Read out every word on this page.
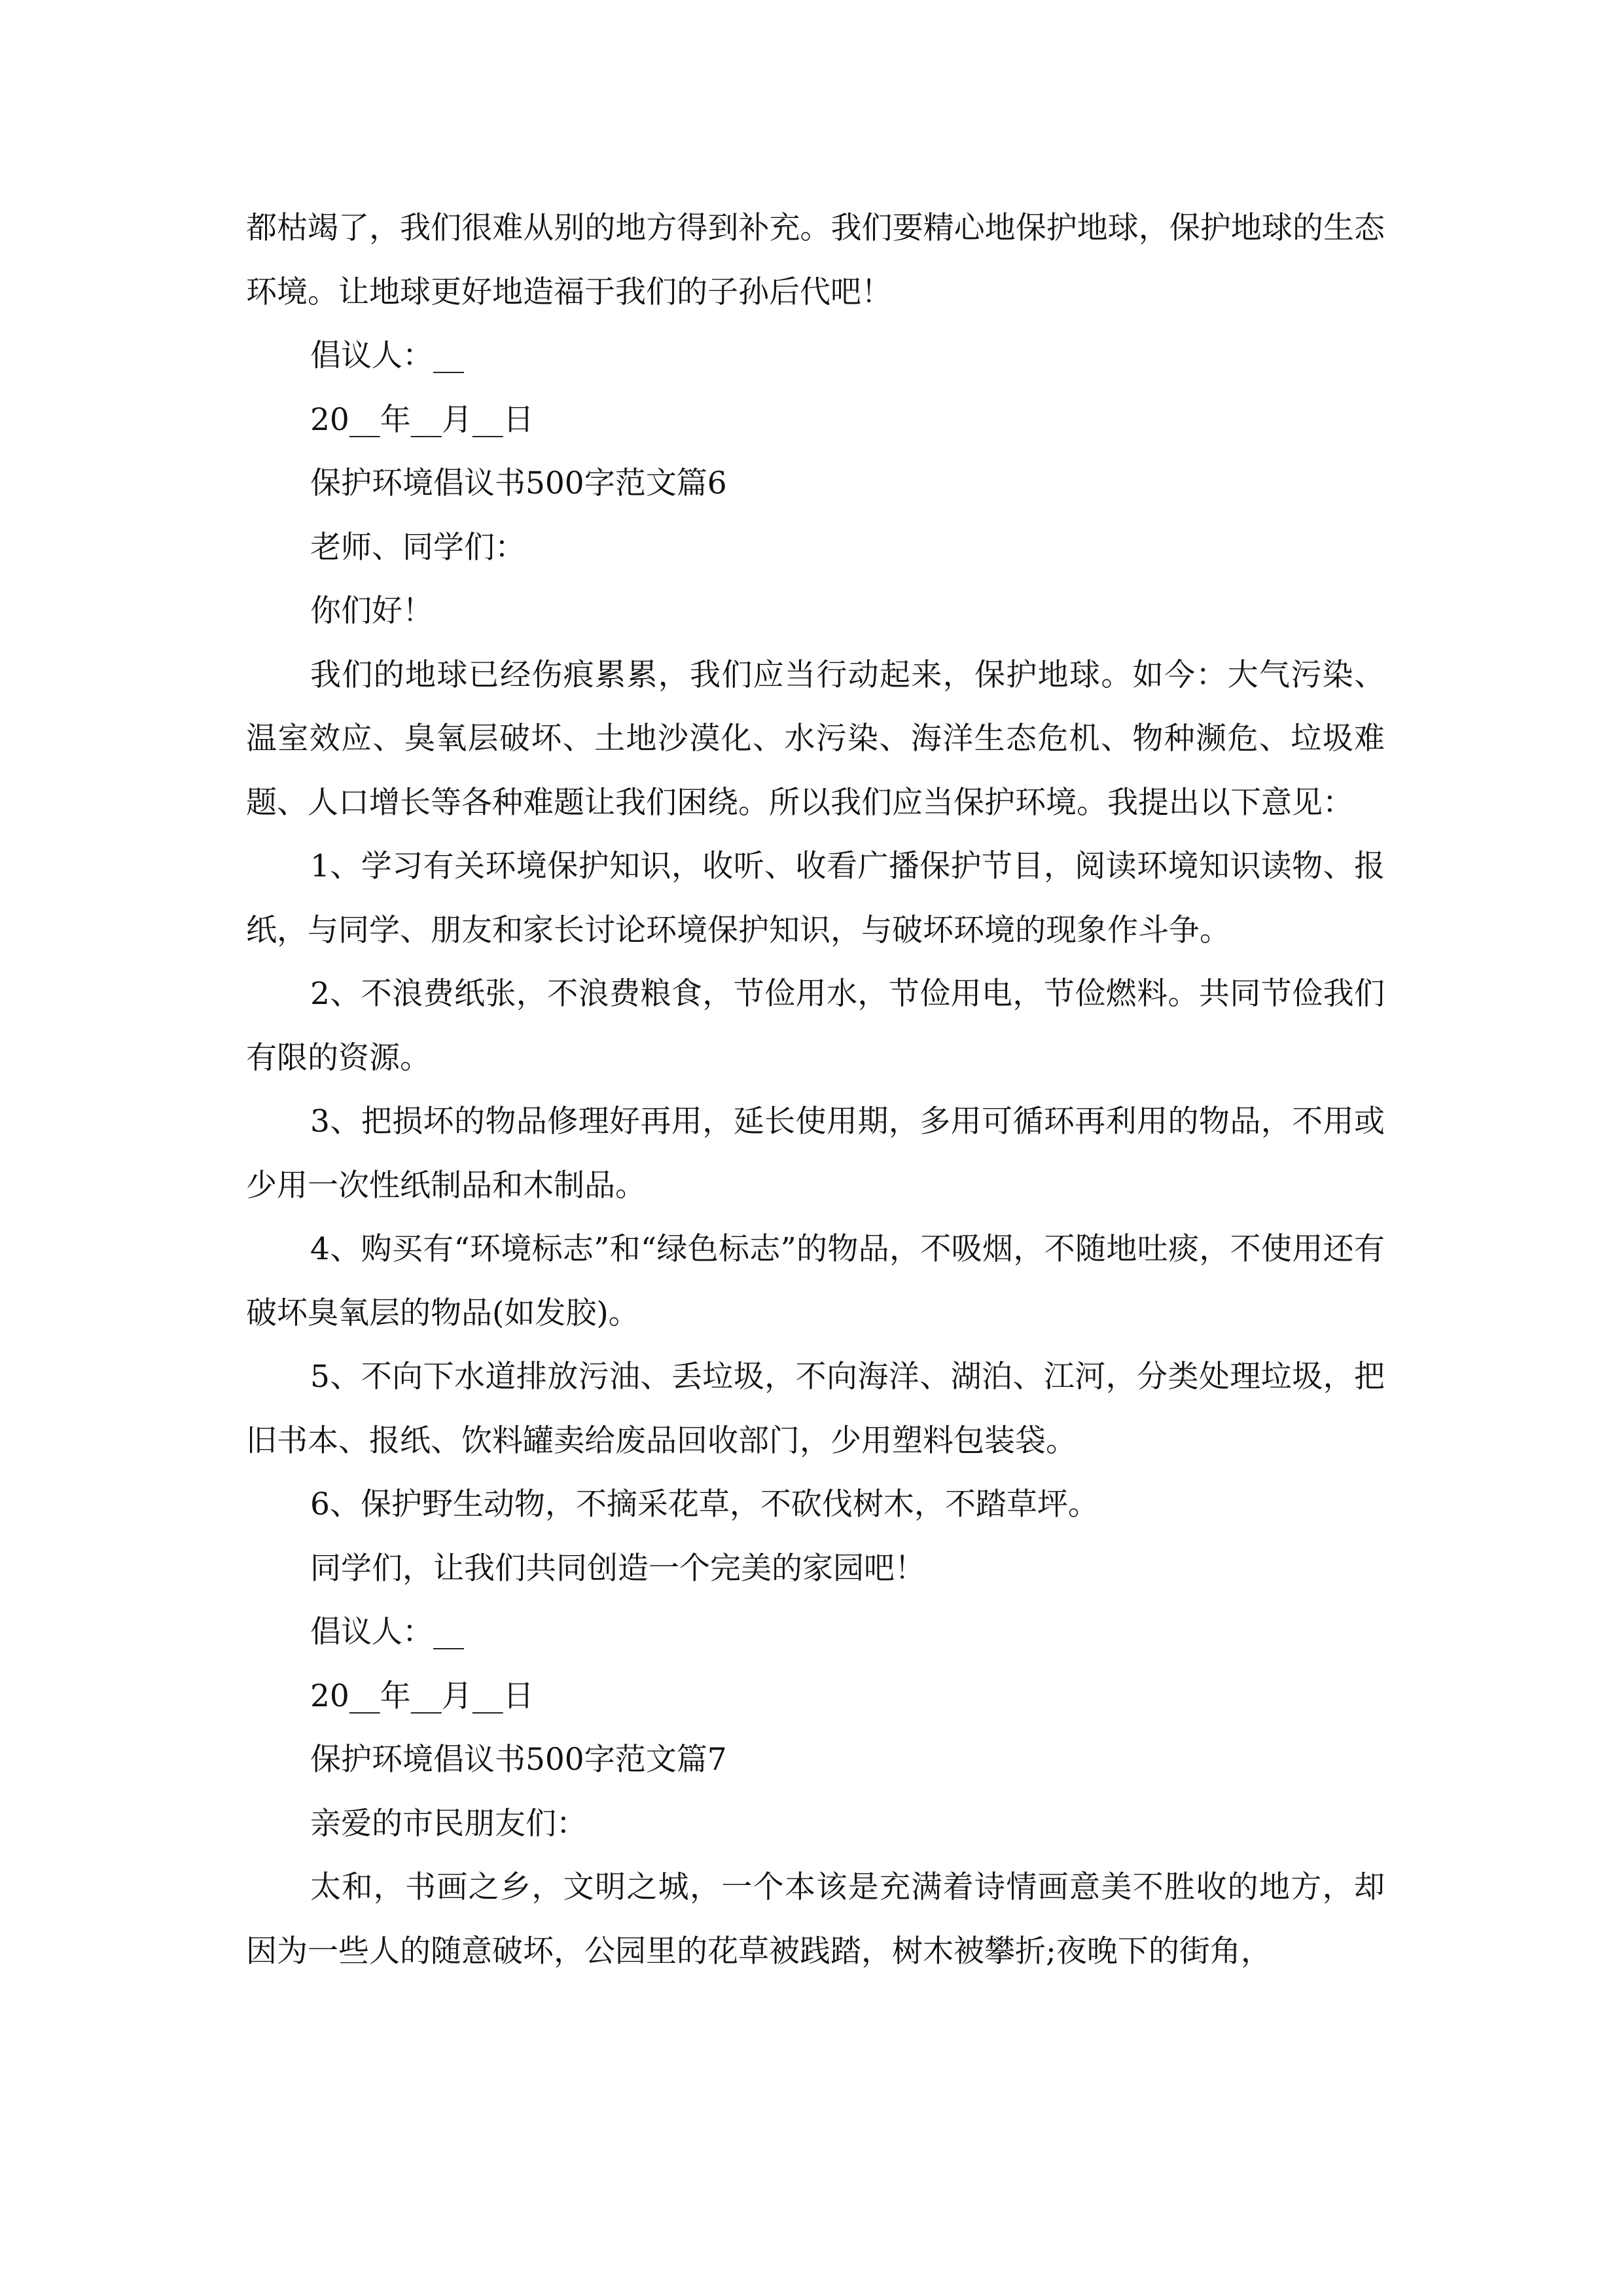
都枯竭了，我们很难从别的地方得到补充。我们要精心地保护地球，保护地球的生态环境。让地球更好地造福于我们的子孙后代吧！

倡议人：__

20__年__月__日

保护环境倡议书500字范文篇6

老师、同学们：

你们好！

我们的地球已经伤痕累累，我们应当行动起来，保护地球。如今：大气污染、温室效应、臭氧层破坏、土地沙漠化、水污染、海洋生态危机、物种濒危、垃圾难题、人口增长等各种难题让我们困绕。所以我们应当保护环境。我提出以下意见：

1、学习有关环境保护知识，收听、收看广播保护节目，阅读环境知识读物、报纸，与同学、朋友和家长讨论环境保护知识，与破坏环境的现象作斗争。

2、不浪费纸张，不浪费粮食，节俭用水，节俭用电，节俭燃料。共同节俭我们有限的资源。

3、把损坏的物品修理好再用，延长使用期，多用可循环再利用的物品，不用或少用一次性纸制品和木制品。

4、购买有“环境标志”和“绿色标志”的物品，不吸烟，不随地吐痰，不使用还有破坏臭氧层的物品(如发胶)。

5、不向下水道排放污油、丢垃圾，不向海洋、湖泊、江河，分类处理垃圾，把旧书本、报纸、饮料罐卖给废品回收部门，少用塑料包装袋。

6、保护野生动物，不摘采花草，不砍伐树木，不踏草坪。

同学们，让我们共同创造一个完美的家园吧！

倡议人：__

20__年__月__日

保护环境倡议书500字范文篇7

亲爱的市民朋友们：

太和，书画之乡，文明之城，一个本该是充满着诗情画意美不胜收的地方，却因为一些人的随意破坏，公园里的花草被践踏，树木被攀折;夜晚下的街角，
